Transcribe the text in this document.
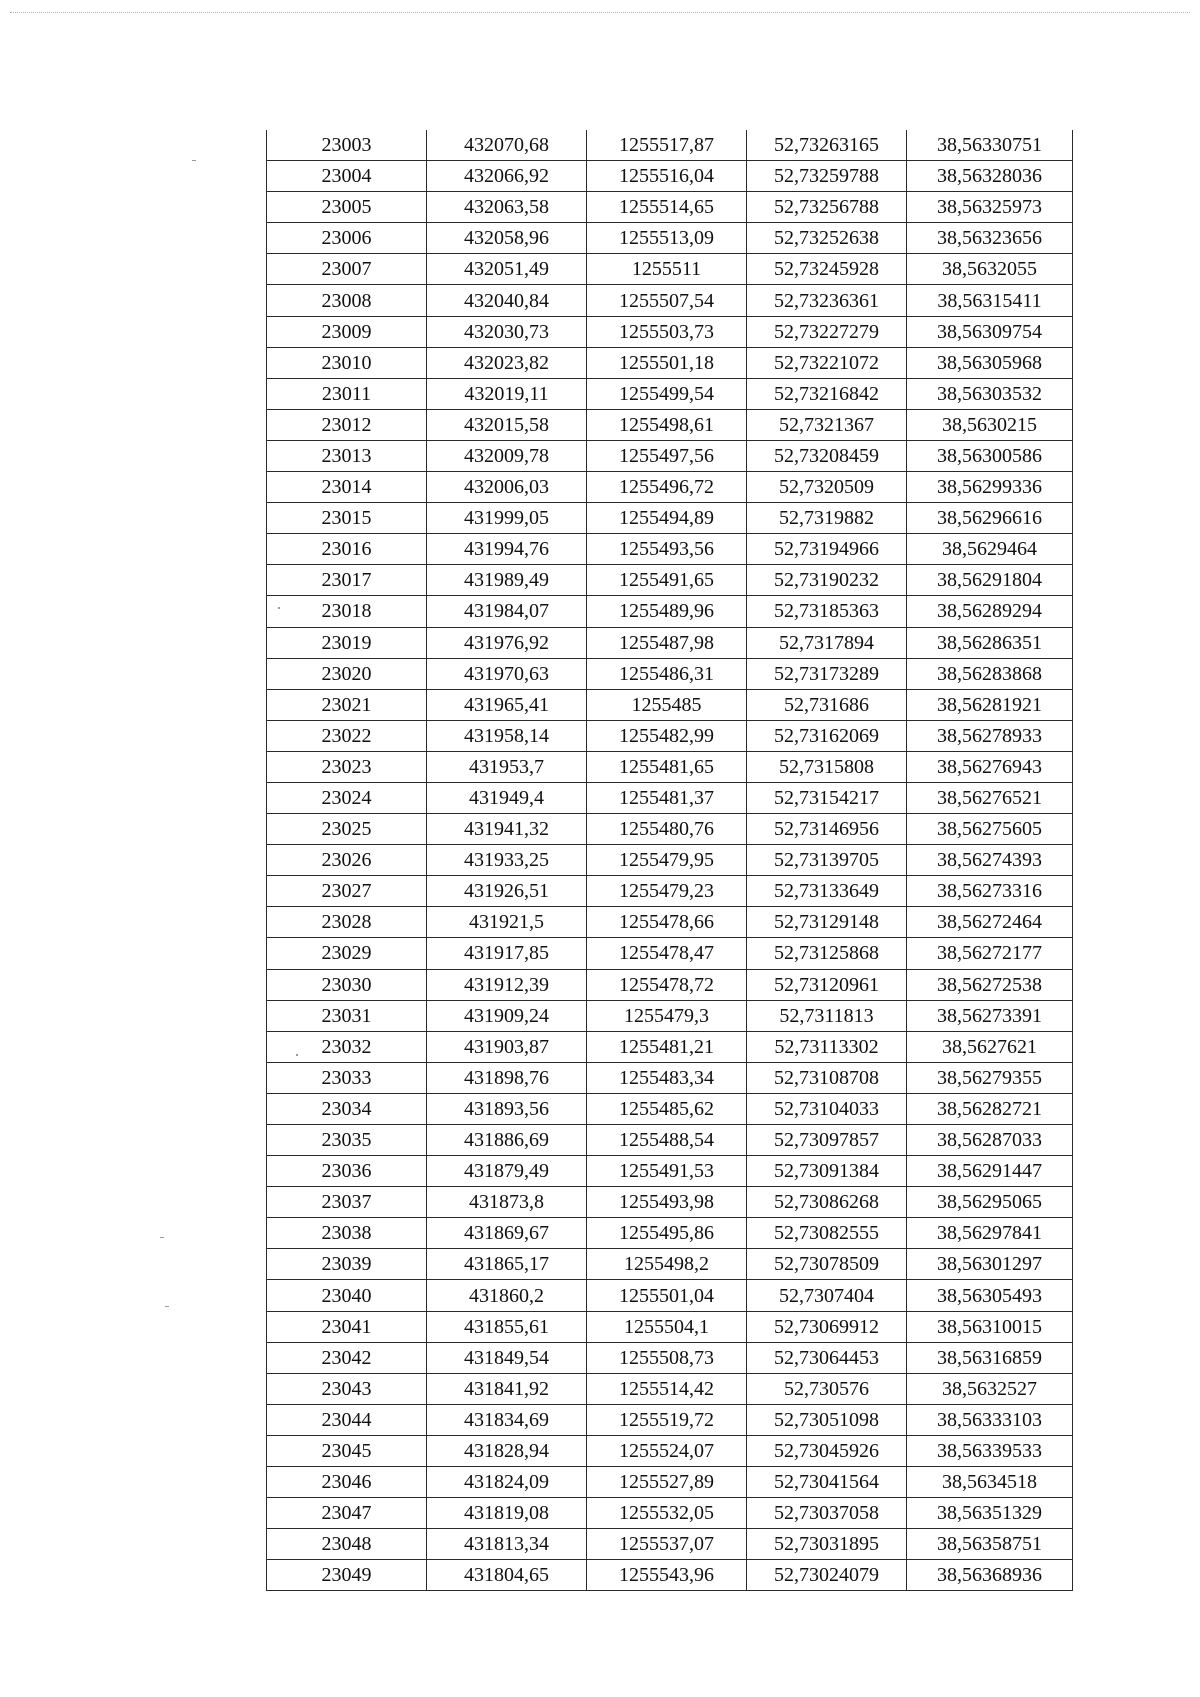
23003	432070,68	1255517,87	52,73263165	38,56330751
23004	432066,92	1255516,04	52,73259788	38,56328036
23005	432063,58	1255514,65	52,73256788	38,56325973
23006	432058,96	1255513,09	52,73252638	38,56323656
23007	432051,49	1255511	52,73245928	38,5632055
23008	432040,84	1255507,54	52,73236361	38,56315411
23009	432030,73	1255503,73	52,73227279	38,56309754
23010	432023,82	1255501,18	52,73221072	38,56305968
23011	432019,11	1255499,54	52,73216842	38,56303532
23012	432015,58	1255498,61	52,7321367	38,5630215
23013	432009,78	1255497,56	52,73208459	38,56300586
23014	432006,03	1255496,72	52,7320509	38,56299336
23015	431999,05	1255494,89	52,7319882	38,56296616
23016	431994,76	1255493,56	52,73194966	38,5629464
23017	431989,49	1255491,65	52,73190232	38,56291804
23018	431984,07	1255489,96	52,73185363	38,56289294
23019	431976,92	1255487,98	52,7317894	38,56286351
23020	431970,63	1255486,31	52,73173289	38,56283868
23021	431965,41	1255485	52,731686	38,56281921
23022	431958,14	1255482,99	52,73162069	38,56278933
23023	431953,7	1255481,65	52,7315808	38,56276943
23024	431949,4	1255481,37	52,73154217	38,56276521
23025	431941,32	1255480,76	52,73146956	38,56275605
23026	431933,25	1255479,95	52,73139705	38,56274393
23027	431926,51	1255479,23	52,73133649	38,56273316
23028	431921,5	1255478,66	52,73129148	38,56272464
23029	431917,85	1255478,47	52,73125868	38,56272177
23030	431912,39	1255478,72	52,73120961	38,56272538
23031	431909,24	1255479,3	52,7311813	38,56273391
23032	431903,87	1255481,21	52,73113302	38,5627621
23033	431898,76	1255483,34	52,73108708	38,56279355
23034	431893,56	1255485,62	52,73104033	38,56282721
23035	431886,69	1255488,54	52,73097857	38,56287033
23036	431879,49	1255491,53	52,73091384	38,56291447
23037	431873,8	1255493,98	52,73086268	38,56295065
23038	431869,67	1255495,86	52,73082555	38,56297841
23039	431865,17	1255498,2	52,73078509	38,56301297
23040	431860,2	1255501,04	52,7307404	38,56305493
23041	431855,61	1255504,1	52,73069912	38,56310015
23042	431849,54	1255508,73	52,73064453	38,56316859
23043	431841,92	1255514,42	52,730576	38,5632527
23044	431834,69	1255519,72	52,73051098	38,56333103
23045	431828,94	1255524,07	52,73045926	38,56339533
23046	431824,09	1255527,89	52,73041564	38,5634518
23047	431819,08	1255532,05	52,73037058	38,56351329
23048	431813,34	1255537,07	52,73031895	38,56358751
23049	431804,65	1255543,96	52,73024079	38,56368936
